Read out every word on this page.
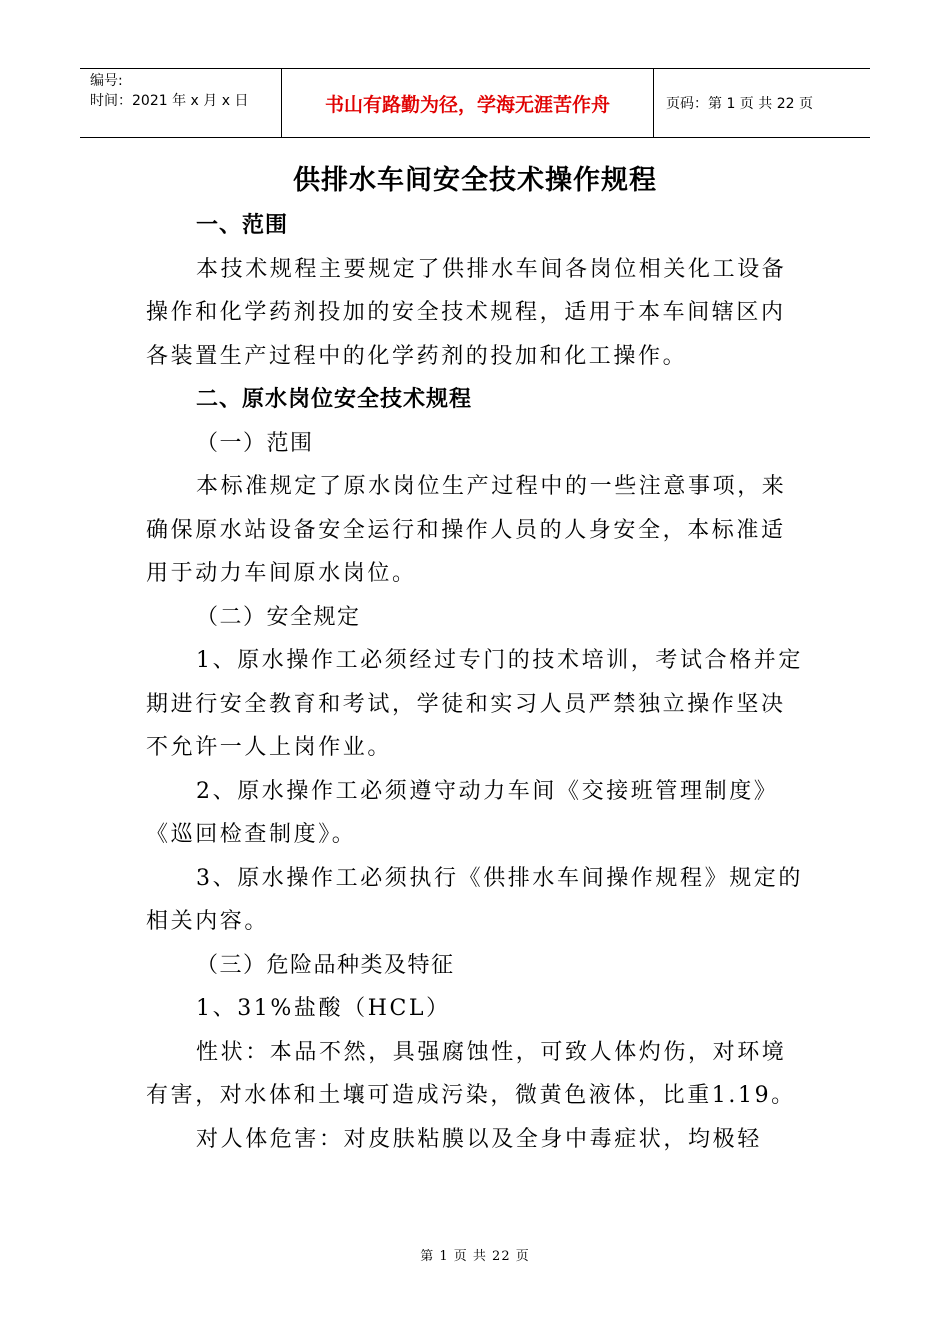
编号:
时间：2021 年 x 月 x 日	书山有路勤为径，学海无涯苦作舟	页码：第 1 页 共 22 页
供排水车间安全技术操作规程

一、范围

本技术规程主要规定了供排水车间各岗位相关化工设备操作和化学药剂投加的安全技术规程，适用于本车间辖区内各装置生产过程中的化学药剂的投加和化工操作。

二、原水岗位安全技术规程

（一）范围

本标准规定了原水岗位生产过程中的一些注意事项，来确保原水站设备安全运行和操作人员的人身安全，本标准适用于动力车间原水岗位。

（二）安全规定

1、原水操作工必须经过专门的技术培训，考试合格并定期进行安全教育和考试，学徒和实习人员严禁独立操作坚决不允许一人上岗作业。

2、原水操作工必须遵守动力车间《交接班管理制度》《巡回检查制度》。

3、原水操作工必须执行《供排水车间操作规程》规定的相关内容。

（三）危险品种类及特征

1、31%盐酸（HCL）

性状：本品不然，具强腐蚀性，可致人体灼伤，对环境有害，对水体和土壤可造成污染，微黄色液体，比重1.19。

对人体危害：对皮肤粘膜以及全身中毒症状，均极轻

第 1 页 共 22 页
